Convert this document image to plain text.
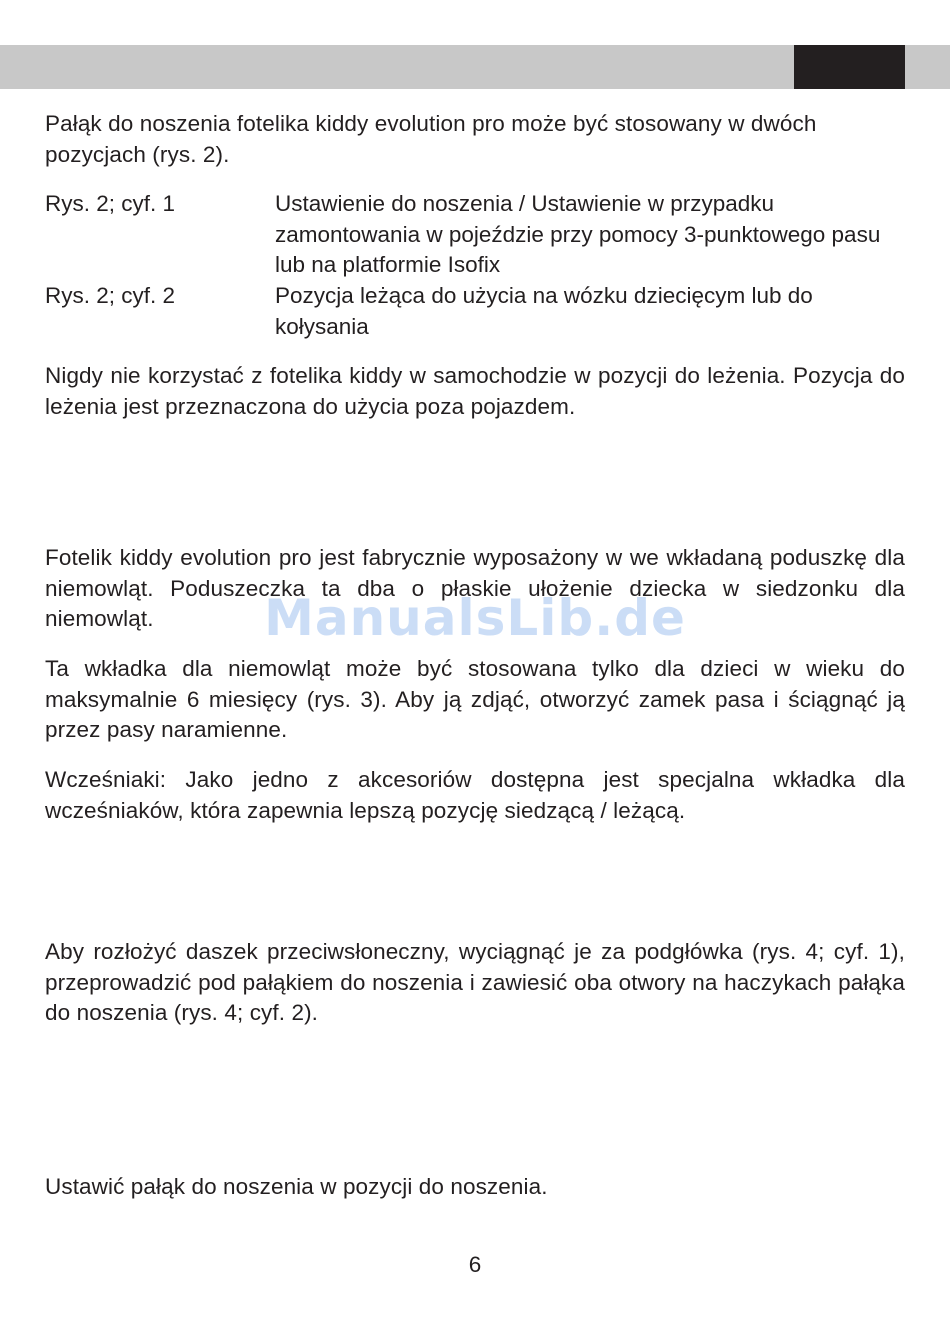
Pałąk do noszenia fotelika kiddy evolution pro może być stosowany w dwóch pozycjach (rys. 2).

Rys. 2; cyf. 1	Ustawienie do noszenia / Ustawienie w przypadku zamontowania w pojeździe przy pomocy 3-punktowego pasu lub na platformie Isofix
Rys. 2; cyf. 2	Pozycja leżąca do użycia na wózku dziecięcym lub do kołysania

Nigdy nie korzystać z fotelika kiddy w samochodzie w pozycji do leżenia. Pozycja do leżenia jest przeznaczona do użycia poza pojazdem.

Fotelik kiddy evolution pro jest fabrycznie wyposażony w we wkładaną poduszkę dla niemowląt. Poduszeczka ta dba o płaskie ułożenie dziecka w siedzonku dla niemowląt.

Ta wkładka dla niemowląt może być stosowana tylko dla dzieci w wieku do maksymalnie 6 miesięcy (rys. 3). Aby ją zdjąć, otworzyć zamek pasa i ściągnąć ją przez pasy naramienne.

Wcześniaki: Jako jedno z akcesoriów dostępna jest specjalna wkładka dla wcześniaków, która zapewnia lepszą pozycję siedzącą / leżącą.

Aby rozłożyć daszek przeciwsłoneczny, wyciągnąć je za podgłówka (rys. 4; cyf. 1), przeprowadzić pod pałąkiem do noszenia i zawiesić oba otwory na haczykach pałąka do noszenia (rys. 4; cyf. 2).

Ustawić pałąk do noszenia w pozycji do noszenia.

ManualsLib.de
6
